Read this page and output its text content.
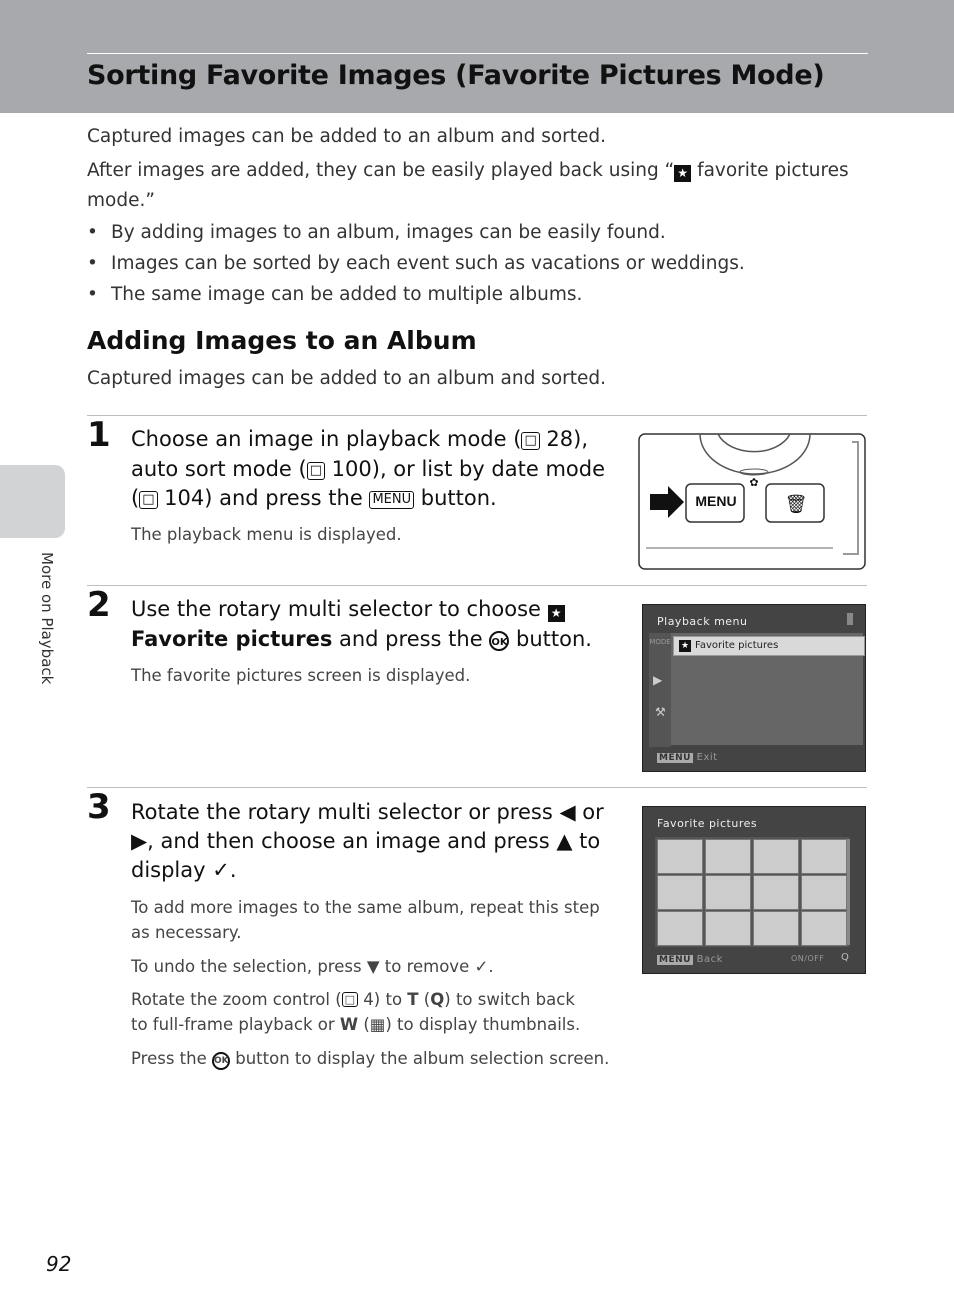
Sorting Favorite Images (Favorite Pictures Mode)
Captured images can be added to an album and sorted.
After images are added, they can be easily played back using “ ★ favorite pictures
mode.”
• By adding images to an album, images can be easily found.
• Images can be sorted by each event such as vacations or weddings.
• The same image can be added to multiple albums.
Adding Images to an Album
Captured images can be added to an album and sorted.
More on Playback
1 Choose an image in playback mode ( □ 28),
auto sort mode ( □ 100), or list by date mode
( □ 104) and press the MENU button.
The playback menu is displayed.
🗑
✿
MENU
2 Use the rotary multi selector to choose ★
Favorite pictures and press the OK button.
The favorite pictures screen is displayed.
Playback menu
MODE
▶
⚒
★ $^{Favorite pictures}$
MENU Exit
3 Rotate the rotary multi selector or press ◀ or
▶, and then choose an image and press ▲ to
display ✓.
To add more images to the same album, repeat this step
as necessary.
To undo the selection, press ▼ to remove ✓.
Rotate the zoom control ( □ 4) to T (Q) to switch back
to full-frame playback or W (▦) to display thumbnails.
Press the OK button to display the album selection screen.
Favorite pictures
MENU Back	ON/OFF Q
92
